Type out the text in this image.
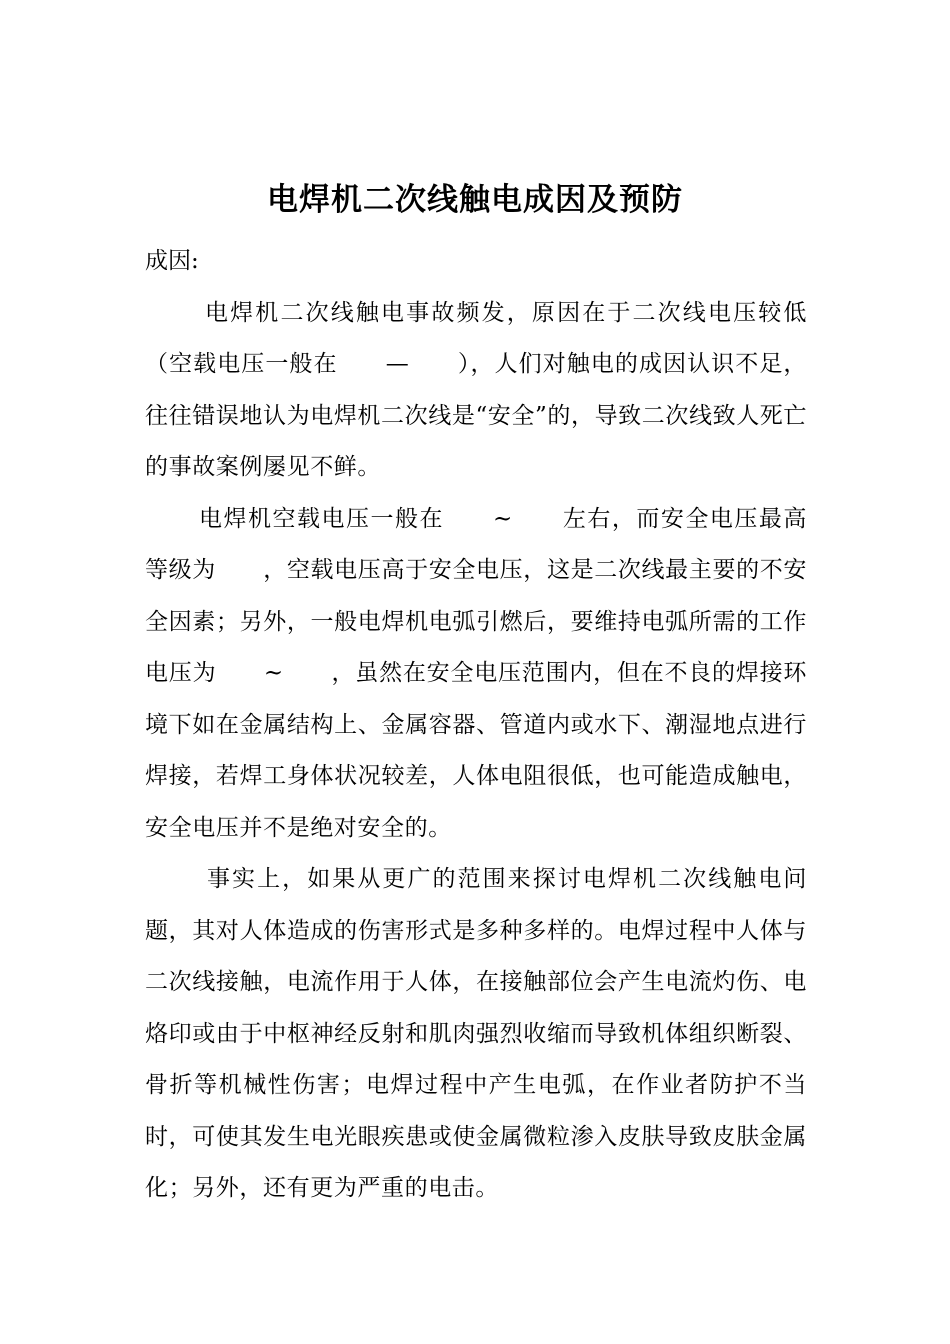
电焊机二次线触电成因及预防

成因:

电焊机二次线触电事故频发，原因在于二次线电压较低（空载电压一般在　　—　　），人们对触电的成因认识不足，往往错误地认为电焊机二次线是“安全”的，导致二次线致人死亡的事故案例屡见不鲜。

电焊机空载电压一般在　　~　　左右，而安全电压最高等级为　　，空载电压高于安全电压，这是二次线最主要的不安全因素；另外，一般电焊机电弧引燃后，要维持电弧所需的工作电压为　　~　　，虽然在安全电压范围内，但在不良的焊接环境下如在金属结构上、金属容器、管道内或水下、潮湿地点进行焊接，若焊工身体状况较差，人体电阻很低，也可能造成触电，安全电压并不是绝对安全的。

事实上，如果从更广的范围来探讨电焊机二次线触电问题，其对人体造成的伤害形式是多种多样的。电焊过程中人体与二次线接触，电流作用于人体，在接触部位会产生电流灼伤、电烙印或由于中枢神经反射和肌肉强烈收缩而导致机体组织断裂、骨折等机械性伤害；电焊过程中产生电弧，在作业者防护不当时，可使其发生电光眼疾患或使金属微粒渗入皮肤导致皮肤金属化；另外，还有更为严重的电击。
